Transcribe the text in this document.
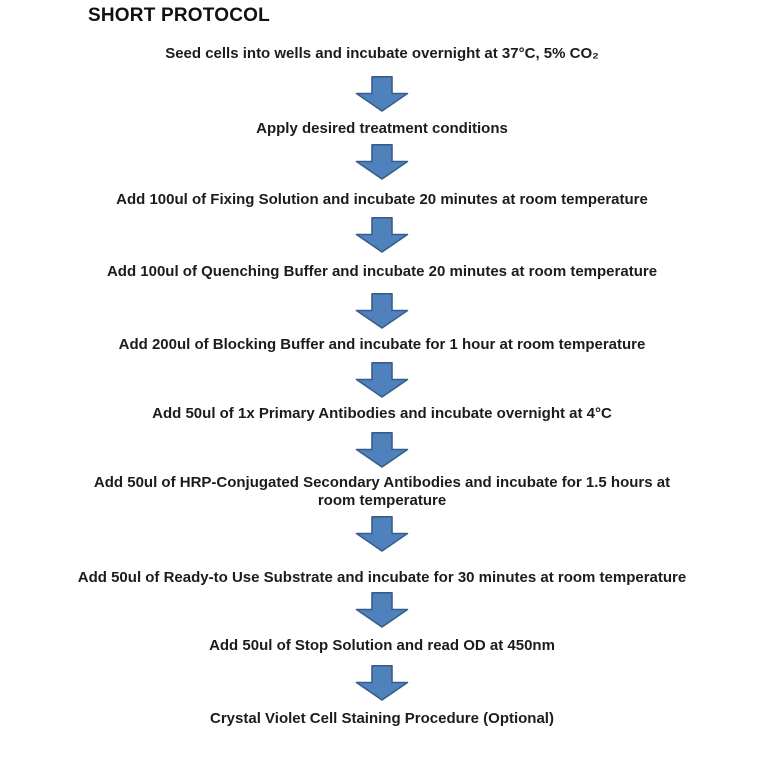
SHORT PROTOCOL

Seed cells into wells and incubate overnight at 37°C, 5% CO₂

Apply desired treatment conditions

Add 100ul of Fixing Solution and incubate 20 minutes at room temperature

Add 100ul of Quenching Buffer and incubate 20 minutes at room temperature

Add 200ul of Blocking Buffer and incubate for 1 hour at room temperature

Add 50ul of 1x Primary Antibodies and incubate overnight at 4°C

Add 50ul of HRP-Conjugated Secondary Antibodies and incubate for 1.5 hours at room temperature

Add 50ul of Ready-to Use Substrate and incubate for 30 minutes at room temperature

Add 50ul of Stop Solution and read OD at 450nm

Crystal Violet Cell Staining Procedure (Optional)
